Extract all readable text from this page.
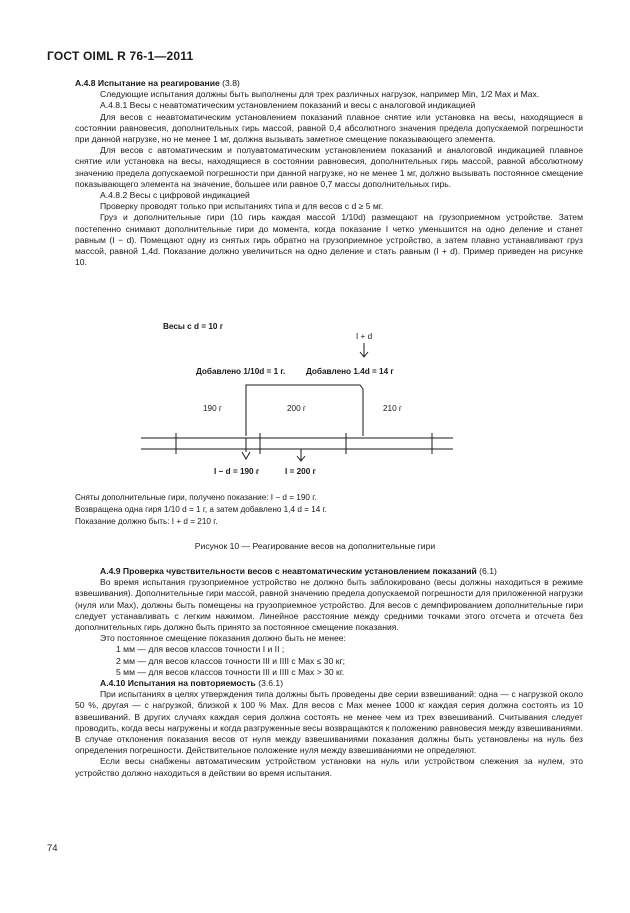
ГОСТ OIML R 76-1—2011

А.4.8 Испытание на реагирование (3.8)

Следующие испытания должны быть выполнены для трех различных нагрузок, например Min, 1/2 Max и Max.

А.4.8.1 Весы с неавтоматическим установлением показаний и весы с аналоговой индикацией

Для весов с неавтоматическим установлением показаний плавное снятие или установка на весы, находящиеся в состоянии равновесия, дополнительных гирь массой, равной 0,4 абсолютного значения предела допускаемой погрешности при данной нагрузке, но не менее 1 мг, должна вызывать заметное смещение показывающего элемента.

Для весов с автоматическим и полуавтоматическим установлением показаний и аналоговой индикацией плавное снятие или установка на весы, находящиеся в состоянии равновесия, дополнительных гирь массой, равной абсолютному значению предела допускаемой погрешности при данной нагрузке, но не менее 1 мг, должно вызывать постоянное смещение показывающего элемента на значение, большее или равное 0,7 массы дополнительных гирь.

А.4.8.2 Весы с цифровой индикацией

Проверку проводят только при испытаниях типа и для весов с d ≥ 5 мг.

Груз и дополнительные гири (10 гирь каждая массой 1/10d) размещают на грузоприемном устройстве. Затем постепенно снимают дополнительные гири до момента, когда показание I четко уменьшится на одно деление и станет равным (I − d). Помещают одну из снятых гирь обратно на грузоприемное устройство, а затем плавно устанавливают груз массой, равной 1,4d. Показание должно увеличиться на одно деление и стать равным (I + d). Пример приведен на рисунке 10.

Весы с d = 10 г
I + d
Добавлено 1/10d = 1 г.	Добавлено 1.4d = 14 г
190 г	200 г	210 г
I − d = 190 г	I = 200 г
Сняты дополнительные гири, получено показание: I − d = 190 г.
Возвращена одна гиря 1/10 d = 1 г, а затем добавлено 1,4 d = 14 г.
Показание должно быть: I + d = 210 г.
Рисунок 10 — Реагирование весов на дополнительные гири

А.4.9 Проверка чувствительности весов с неавтоматическим установлением показаний (6.1)

Во время испытания грузоприемное устройство не должно быть заблокировано (весы должны находиться в режиме взвешивания). Дополнительные гири массой, равной значению предела допускаемой погрешности для приложенной нагрузки (нуля или Max), должны быть помещены на грузоприемное устройство. Для весов с демпфированием дополнительные гири следует устанавливать с легким нажимом. Линейное расстояние между средними точками этого отсчета и отсчета без дополнительных гирь должно быть принято за постоянное смещение показания.

Это постоянное смещение показания должно быть не менее:

1 мм — для весов классов точности I и II ;

2 мм — для весов классов точности III и IIII с Max ≤ 30 кг;

5 мм — для весов классов точности III и IIII с Max > 30 кг.

А.4.10 Испытания на повторяемость (3.6.1)

При испытаниях в целях утверждения типа должны быть проведены две серии взвешиваний: одна — с нагрузкой около 50 %, другая — с нагрузкой, близкой к 100 % Max. Для весов с Max менее 1000 кг каждая серия должна состоять из 10 взвешиваний. В других случаях каждая серия должна состоять не менее чем из трех взвешиваний. Считывания следует проводить, когда весы нагружены и когда разгруженные весы возвращаются к положению равновесия между взвешиваниями. В случае отклонения показания весов от нуля между взвешиваниями показания должны быть установлены на нуль без определения погрешности. Действительное положение нуля между взвешиваниями не определяют.

Если весы снабжены автоматическим устройством установки на нуль или устройством слежения за нулем, это устройство должно находиться в действии во время испытания.

74
